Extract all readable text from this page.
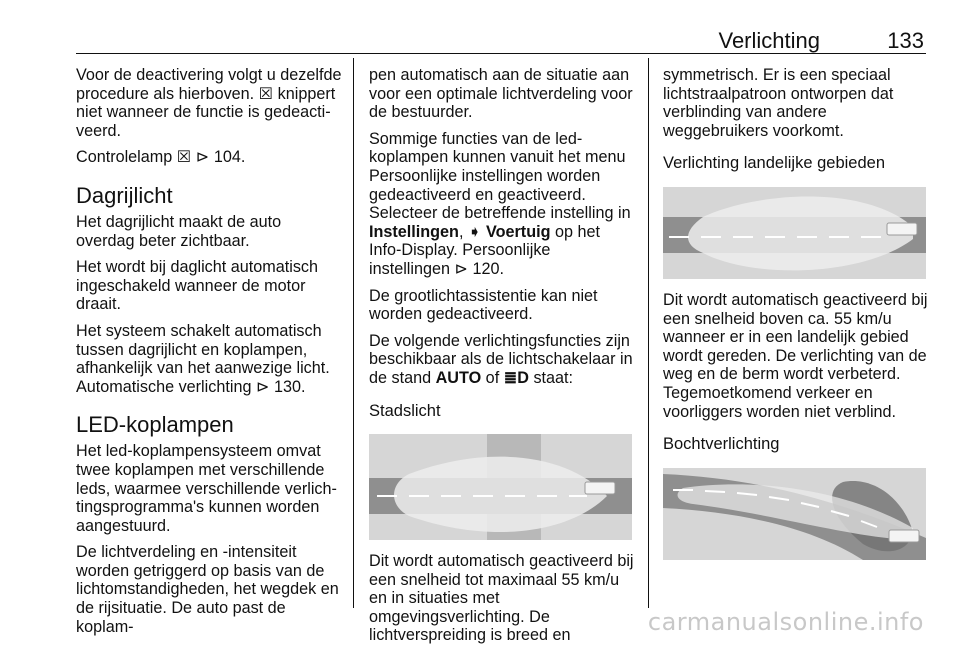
Verlichting	133

Voor de deactivering volgt u dezelfde procedure als hierboven. ☒ knippert niet wanneer de functie is gedeactiveerd.

Controlelamp ☒ ⊳ 104.

Dagrijlicht

Het dagrijlicht maakt de auto overdag beter zichtbaar.

Het wordt bij daglicht automatisch ingeschakeld wanneer de motor draait.

Het systeem schakelt automatisch tussen dagrijlicht en koplampen, afhankelijk van het aanwezige licht. Automatische verlichting ⊳ 130.

LED-koplampen

Het led-koplampensysteem omvat twee koplampen met verschillende leds, waarmee verschillende verlichtingsprogramma's kunnen worden aangestuurd.

De lichtverdeling en -intensiteit worden getriggerd op basis van de lichtomstandigheden, het wegdek en de rijsituatie. De auto past de koplam-

pen automatisch aan de situatie aan voor een optimale lichtverdeling voor de bestuurder.

Sommige functies van de led-koplampen kunnen vanuit het menu Persoonlijke instellingen worden gedeactiveerd en geactiveerd. Selecteer de betreffende instelling in Instellingen, ➧ Voertuig op het Info-Display. Persoonlijke instellingen ⊳ 120.

De grootlichtassistentie kan niet worden gedeactiveerd.

De volgende verlichtingsfuncties zijn beschikbaar als de lichtschakelaar in de stand AUTO of ≣D staat:

Stadslicht

Dit wordt automatisch geactiveerd bij een snelheid tot maximaal 55 km/u en in situaties met omgevingsverlichting. De lichtverspreiding is breed en

symmetrisch. Er is een speciaal lichtstraalpatroon ontworpen dat verblinding van andere weggebruikers voorkomt.

Verlichting landelijke gebieden

Dit wordt automatisch geactiveerd bij een snelheid boven ca. 55 km/u wanneer er in een landelijk gebied wordt gereden. De verlichting van de weg en de berm wordt verbeterd. Tegemoetkomend verkeer en voorliggers worden niet verblind.

Bochtverlichting
carmanualsonline.info
